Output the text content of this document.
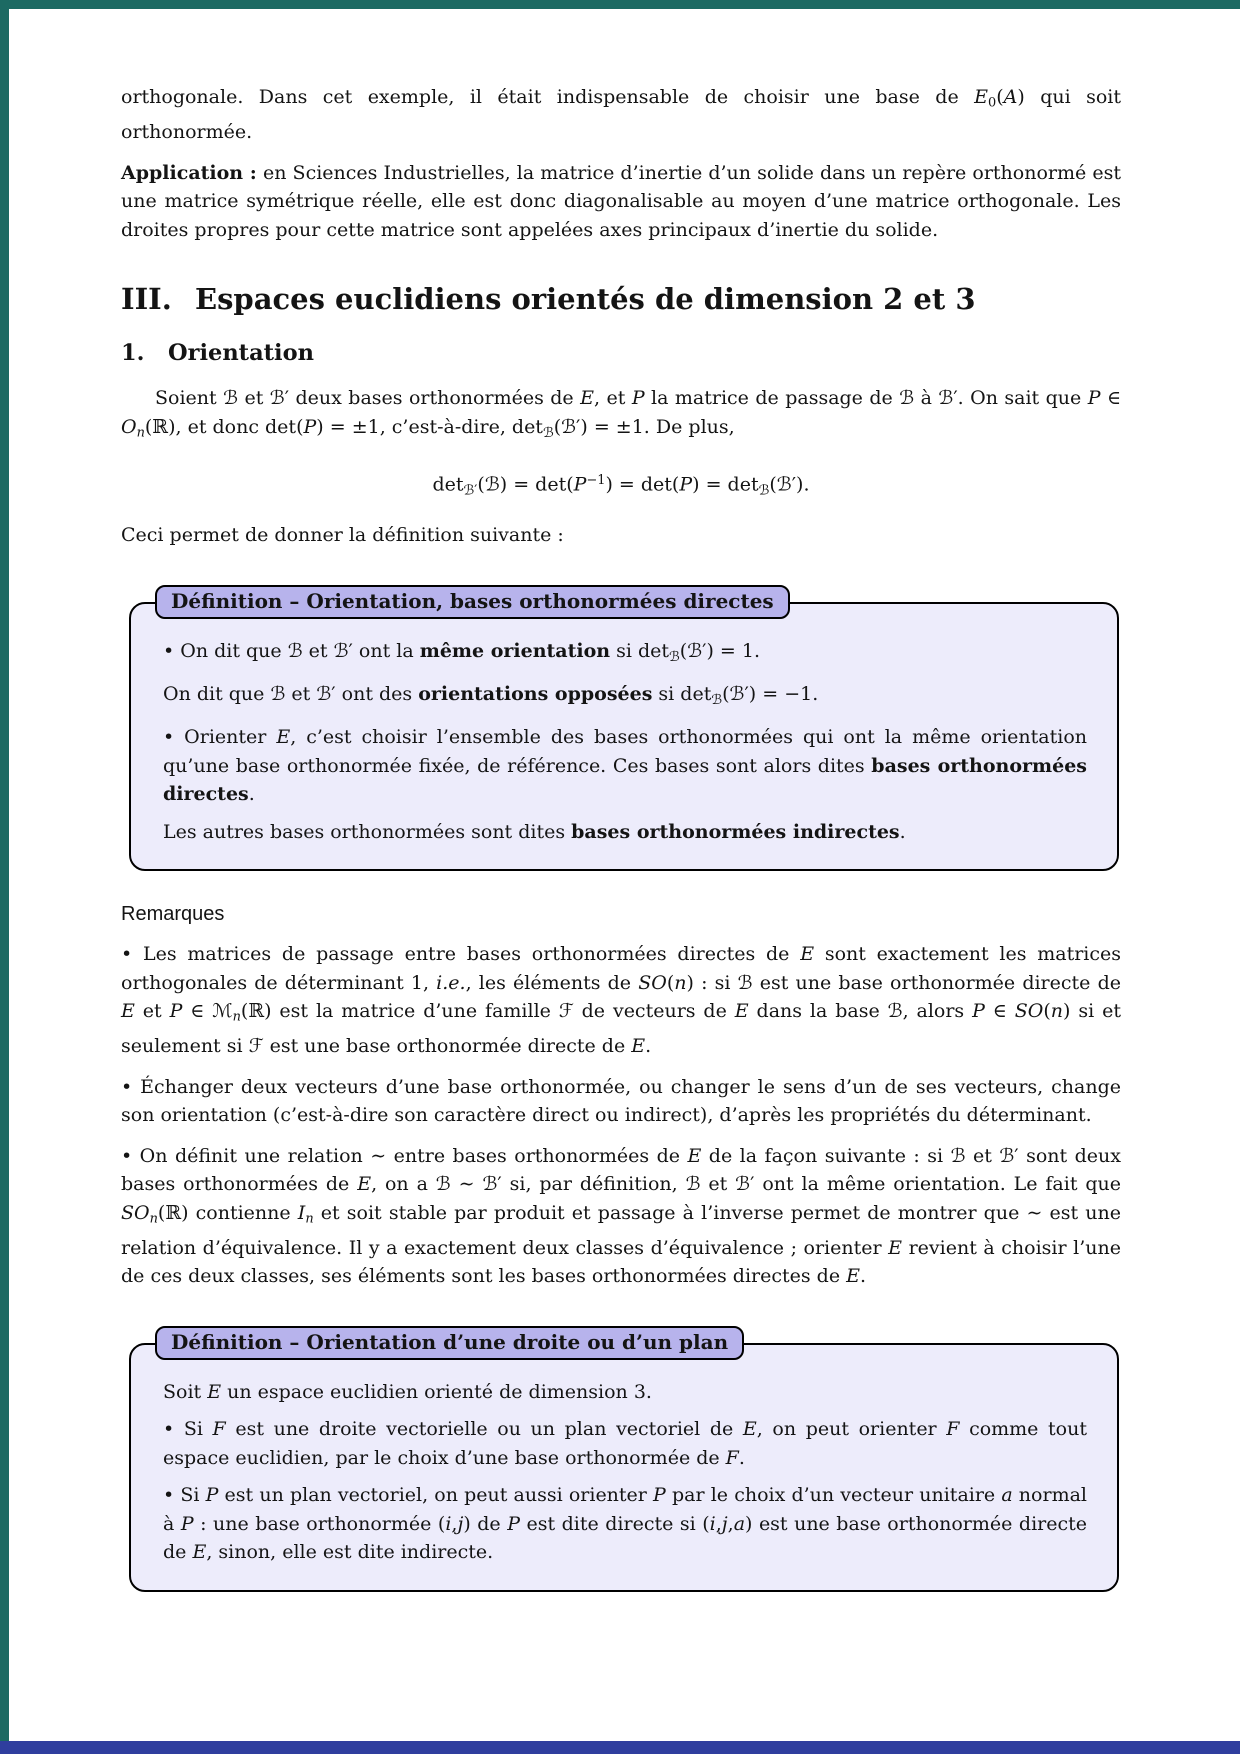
orthogonale. Dans cet exemple, il était indispensable de choisir une base de $E_0(A)$ qui soit orthonormée.

Application : en Sciences Industrielles, la matrice d’inertie d’un solide dans un repère orthonormé est une matrice symétrique réelle, elle est donc diagonalisable au moyen d’une matrice orthogonale. Les droites propres pour cette matrice sont appelées axes principaux d’inertie du solide.

III. Espaces euclidiens orientés de dimension 2 et 3
1.	Orientation

Soient ℬ et ℬ′ deux bases orthonormées de E, et P la matrice de passage de ℬ à ℬ′. On sait que P ∈ $O_n(ℝ)$, et donc det(P) = ±1, c’est-à-dire, $\det_ℬ(ℬ') = \pm 1$. De plus,

$\det_{ℬ'}(ℬ) = \det(P^{-1}) = \det(P)$ = $\det_ℬ(ℬ')$.

Ceci permet de donner la définition suivante :

Définition – Orientation, bases orthonormées directes

• On dit que ℬ et ℬ′ ont la même orientation si $\det_ℬ(ℬ') = 1$.

On dit que ℬ et ℬ′ ont des orientations opposées si $\det_ℬ(ℬ') = -1$.

• Orienter E, c’est choisir l’ensemble des bases orthonormées qui ont la même orientation qu’une base orthonormée fixée, de référence. Ces bases sont alors dites bases orthonormées directes.

Les autres bases orthonormées sont dites bases orthonormées indirectes.

Remarques

• Les matrices de passage entre bases orthonormées directes de E sont exactement les matrices orthogonales de déterminant 1, i.e., les éléments de SO(n) : si ℬ est une base orthonormée directe de E et P ∈ ℳ$_n$(ℝ) est la matrice d’une famille ℱ de vecteurs de E dans la base ℬ, alors P ∈ SO(n) si et seulement si ℱ est une base orthonormée directe de E.

• Échanger deux vecteurs d’une base orthonormée, ou changer le sens d’un de ses vecteurs, change son orientation (c’est-à-dire son caractère direct ou indirect), d’après les propriétés du déterminant.

• On définit une relation ∼ entre bases orthonormées de E de la façon suivante : si ℬ et ℬ′ sont deux bases orthonormées de E, on a ℬ ∼ ℬ′ si, par définition, ℬ et ℬ′ ont la même orientation. Le fait que $SO_n(ℝ)$ contienne $I_n$ et soit stable par produit et passage à l’inverse permet de montrer que ∼ est une relation d’équivalence. Il y a exactement deux classes d’équivalence ; orienter E revient à choisir l’une de ces deux classes, ses éléments sont les bases orthonormées directes de E.

Définition – Orientation d’une droite ou d’un plan

Soit E un espace euclidien orienté de dimension 3.

• Si F est une droite vectorielle ou un plan vectoriel de E, on peut orienter F comme tout espace euclidien, par le choix d’une base orthonormée de F.

• Si P est un plan vectoriel, on peut aussi orienter P par le choix d’un vecteur unitaire a normal à P : une base orthonormée (i,j) de P est dite directe si (i,j,a) est une base orthonormée directe de E, sinon, elle est dite indirecte.
